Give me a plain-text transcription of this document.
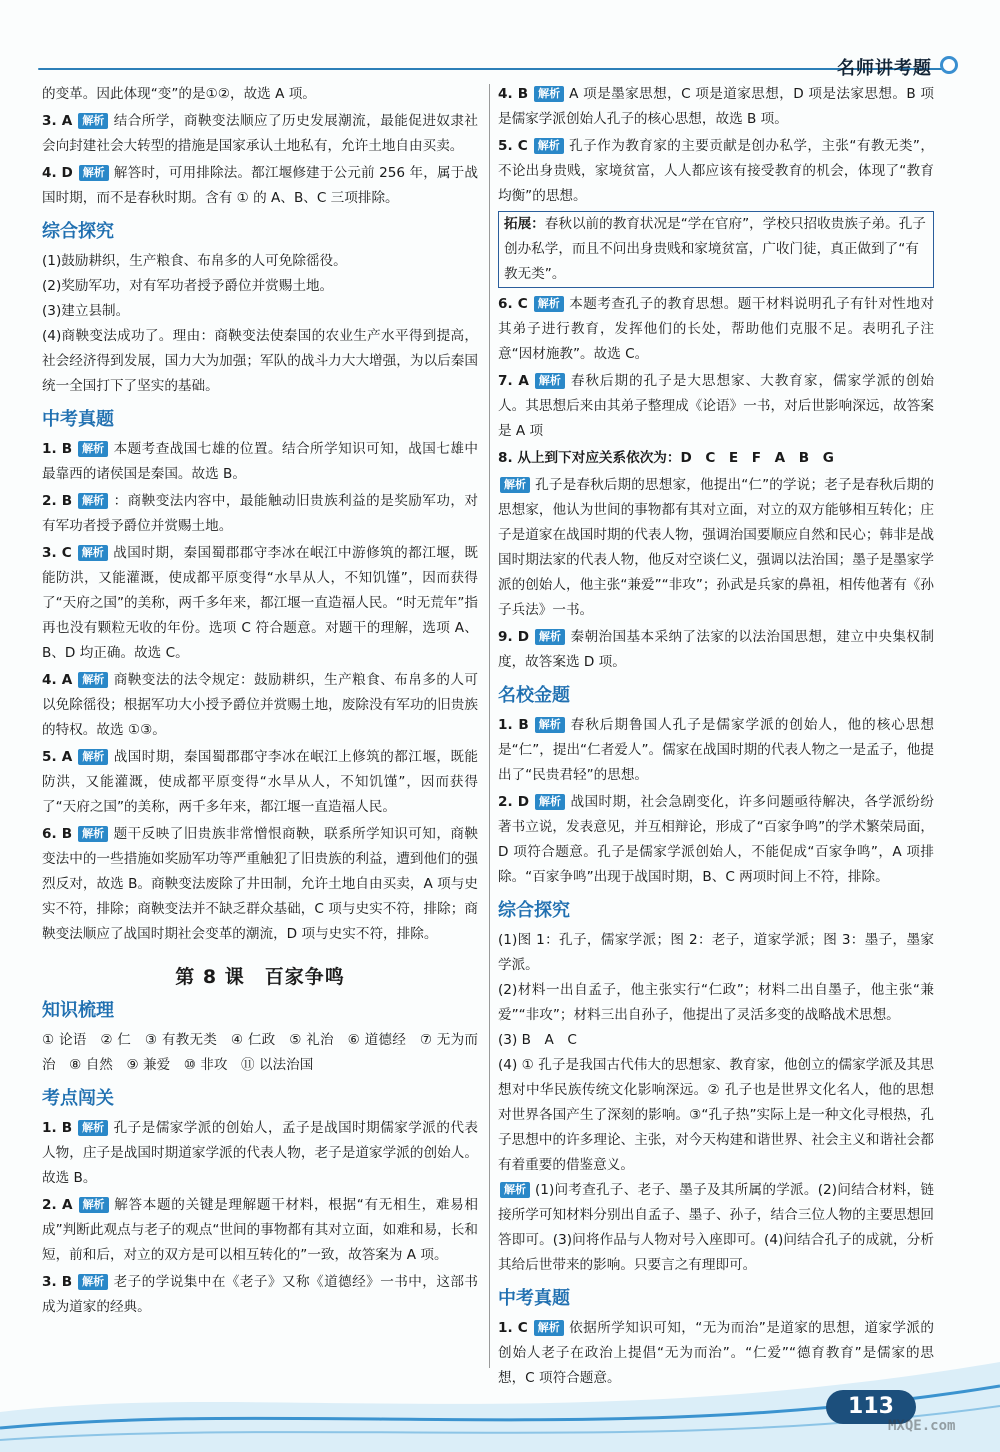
名师讲考题
的变革。因此体现“变”的是①②，故选 A 项。
3. A 解析 结合所学，商鞅变法顺应了历史发展潮流，最能促进奴隶社会向封建社会大转型的措施是国家承认土地私有，允许土地自由买卖。
4. D 解析 解答时，可用排除法。都江堰修建于公元前 256 年，属于战国时期，而不是春秋时期。含有 ① 的 A、B、C 三项排除。
综合探究
(1)鼓励耕织，生产粮食、布帛多的人可免除徭役。
(2)奖励军功，对有军功者授予爵位并赏赐土地。
(3)建立县制。
(4)商鞅变法成功了。理由：商鞅变法使秦国的农业生产水平得到提高，社会经济得到发展，国力大为加强；军队的战斗力大大增强，为以后秦国统一全国打下了坚实的基础。
中考真题
1. B 解析 本题考查战国七雄的位置。结合所学知识可知，战国七雄中最靠西的诸侯国是秦国。故选 B。
2. B 解析 ：商鞅变法内容中，最能触动旧贵族利益的是奖励军功，对有军功者授予爵位并赏赐土地。
3. C 解析 战国时期，秦国蜀郡郡守李冰在岷江中游修筑的都江堰，既能防洪，又能灌溉，使成都平原变得“水旱从人，不知饥馑”，因而获得了“天府之国”的美称，两千多年来，都江堰一直造福人民。“时无荒年”指再也没有颗粒无收的年份。选项 C 符合题意。对题干的理解，选项 A、B、D 均正确。故选 C。
4. A 解析 商鞅变法的法令规定：鼓励耕织，生产粮食、布帛多的人可以免除徭役；根据军功大小授予爵位并赏赐土地，废除没有军功的旧贵族的特权。故选 ①③。
5. A 解析 战国时期，秦国蜀郡郡守李冰在岷江上修筑的都江堰，既能防洪，又能灌溉，使成都平原变得“水旱从人，不知饥馑”，因而获得了“天府之国”的美称，两千多年来，都江堰一直造福人民。
6. B 解析 题干反映了旧贵族非常憎恨商鞅，联系所学知识可知，商鞅变法中的一些措施如奖励军功等严重触犯了旧贵族的利益，遭到他们的强烈反对，故选 B。商鞅变法废除了井田制，允许土地自由买卖，A 项与史实不符，排除；商鞅变法并不缺乏群众基础，C 项与史实不符，排除；商鞅变法顺应了战国时期社会变革的潮流，D 项与史实不符，排除。
第 8 课　百家争鸣
知识梳理
① 论语　② 仁　③ 有教无类　④ 仁政　⑤ 礼治　⑥ 道德经　⑦ 无为而治　⑧ 自然　⑨ 兼爱　⑩ 非攻　⑪ 以法治国
考点闯关
1. B 解析 孔子是儒家学派的创始人，孟子是战国时期儒家学派的代表人物，庄子是战国时期道家学派的代表人物，老子是道家学派的创始人。故选 B。
2. A 解析 解答本题的关键是理解题干材料，根据“有无相生，难易相成”判断此观点与老子的观点“世间的事物都有其对立面，如难和易，长和短，前和后，对立的双方是可以相互转化的”一致，故答案为 A 项。
3. B 解析 老子的学说集中在《老子》又称《道德经》一书中，这部书成为道家的经典。
4. B 解析 A 项是墨家思想，C 项是道家思想，D 项是法家思想。B 项是儒家学派创始人孔子的核心思想，故选 B 项。
5. C 解析 孔子作为教育家的主要贡献是创办私学，主张“有教无类”，不论出身贵贱，家境贫富，人人都应该有接受教育的机会，体现了“教育均衡”的思想。
拓展：春秋以前的教育状况是“学在官府”，学校只招收贵族子弟。孔子创办私学，而且不问出身贵贱和家境贫富，广收门徒，真正做到了“有教无类”。
6. C 解析 本题考查孔子的教育思想。题干材料说明孔子有针对性地对其弟子进行教育，发挥他们的长处，帮助他们克服不足。表明孔子注意“因材施教”。故选 C。
7. A 解析 春秋后期的孔子是大思想家、大教育家，儒家学派的创始人。其思想后来由其弟子整理成《论语》一书，对后世影响深远，故答案是 A 项
8. 从上到下对应关系依次为：D　C　E　F　A　B　G
解析 孔子是春秋后期的思想家，他提出“仁”的学说；老子是春秋后期的思想家，他认为世间的事物都有其对立面，对立的双方能够相互转化；庄子是道家在战国时期的代表人物，强调治国要顺应自然和民心；韩非是战国时期法家的代表人物，他反对空谈仁义，强调以法治国；墨子是墨家学派的创始人，他主张“兼爱”“非攻”；孙武是兵家的鼻祖，相传他著有《孙子兵法》一书。
9. D 解析 秦朝治国基本采纳了法家的以法治国思想，建立中央集权制度，故答案选 D 项。
名校金题
1. B 解析 春秋后期鲁国人孔子是儒家学派的创始人，他的核心思想是“仁”，提出“仁者爱人”。儒家在战国时期的代表人物之一是孟子，他提出了“民贵君轻”的思想。
2. D 解析 战国时期，社会急剧变化，许多问题亟待解决，各学派纷纷著书立说，发表意见，并互相辩论，形成了“百家争鸣”的学术繁荣局面，D 项符合题意。孔子是儒家学派创始人，不能促成“百家争鸣”，A 项排除。“百家争鸣”出现于战国时期，B、C 两项时间上不符，排除。
综合探究
(1)图 1：孔子，儒家学派；图 2：老子，道家学派；图 3：墨子，墨家学派。
(2)材料一出自孟子，他主张实行“仁政”；材料二出自墨子，他主张“兼爱”“非攻”；材料三出自孙子，他提出了灵活多变的战略战术思想。
(3) B　A　C
(4) ① 孔子是我国古代伟大的思想家、教育家，他创立的儒家学派及其思想对中华民族传统文化影响深远。② 孔子也是世界文化名人，他的思想对世界各国产生了深刻的影响。③“孔子热”实际上是一种文化寻根热，孔子思想中的许多理论、主张，对今天构建和谐世界、社会主义和谐社会都有着重要的借鉴意义。
解析 (1)问考查孔子、老子、墨子及其所属的学派。(2)问结合材料，链接所学可知材料分别出自孟子、墨子、孙子，结合三位人物的主要思想回答即可。(3)问将作品与人物对号入座即可。(4)问结合孔子的成就，分析其给后世带来的影响。只要言之有理即可。
中考真题
1. C 解析 依据所学知识可知，“无为而治”是道家的思想，道家学派的创始人老子在政治上提倡“无为而治”。“仁爱”“德育教育”是儒家的思想，C 项符合题意。
113
MXQE.com
